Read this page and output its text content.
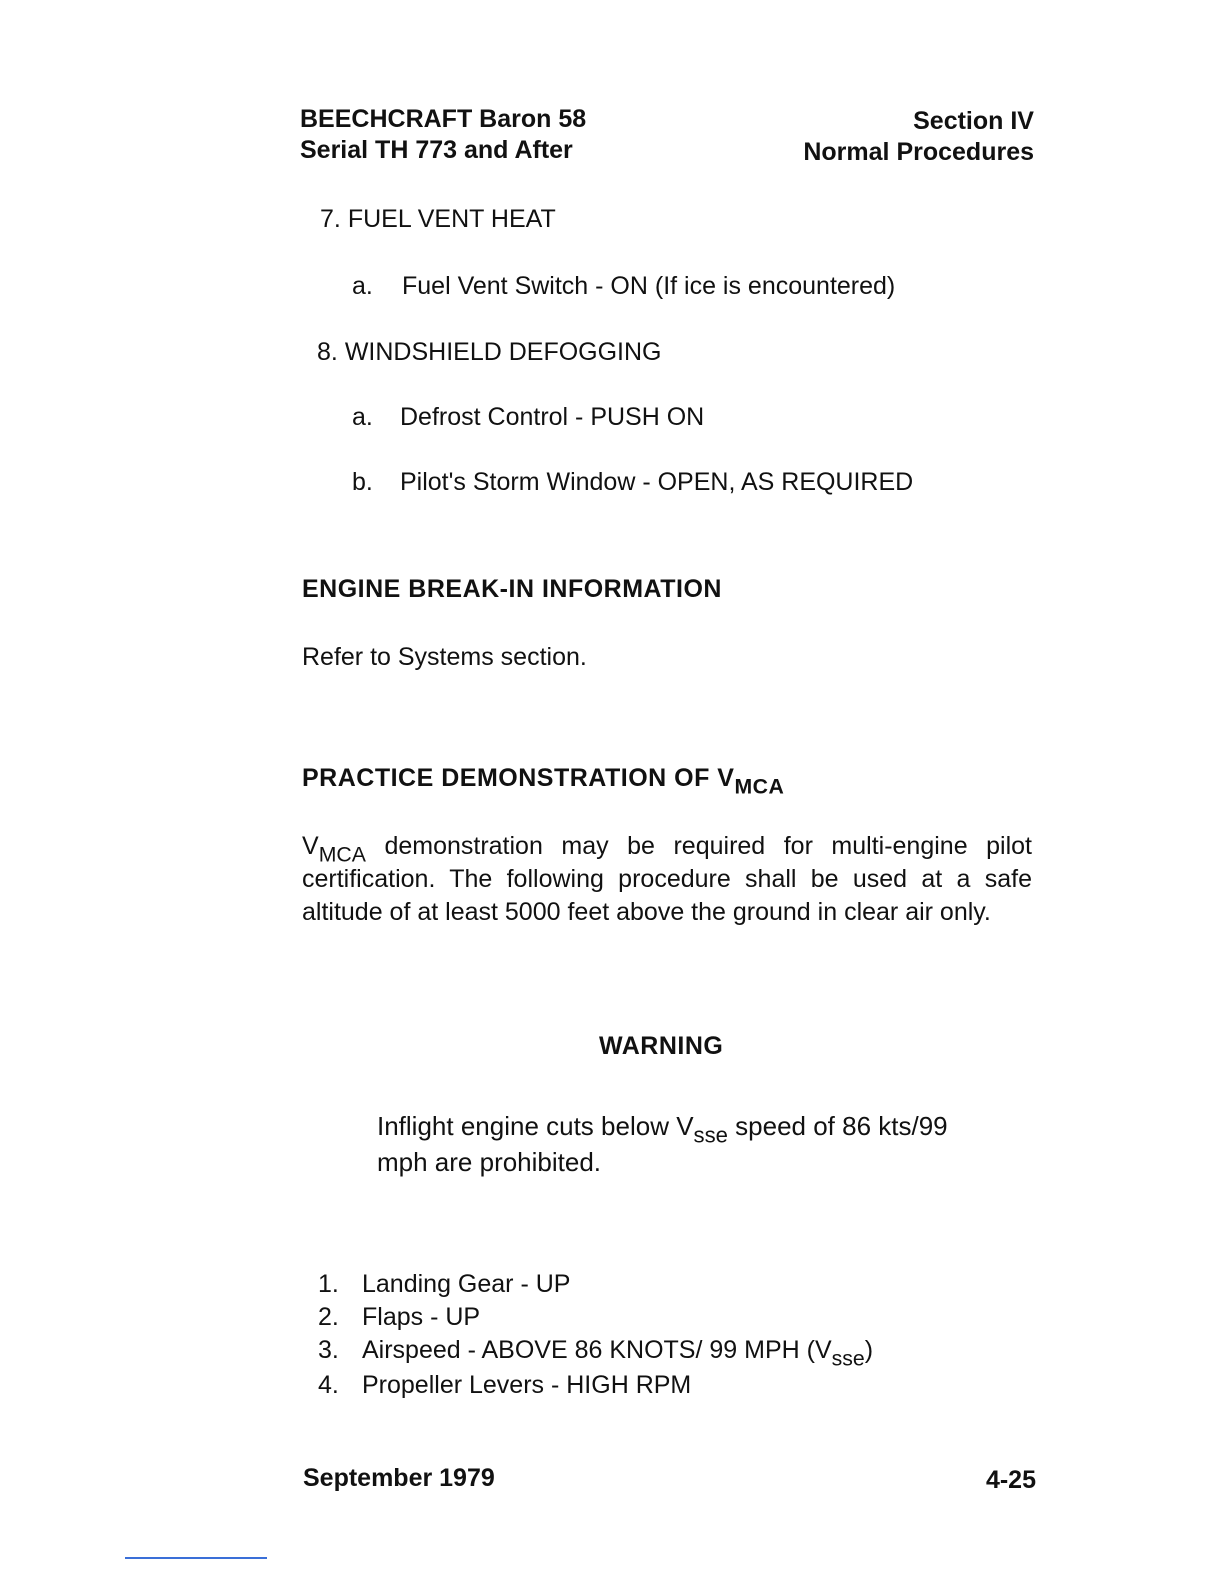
BEECHCRAFT Baron 58
Serial TH 773 and After
Section IV
Normal Procedures
7. FUEL VENT HEAT
a. Fuel Vent Switch - ON (If ice is encountered)
8. WINDSHIELD DEFOGGING
a. Defrost Control - PUSH ON
b. Pilot's Storm Window - OPEN, AS REQUIRED
ENGINE BREAK-IN INFORMATION
Refer to Systems section.
PRACTICE DEMONSTRATION OF $V_{MCA}$
$V_{MCA}$ demonstration may be required for multi-engine pilot certification. The following procedure shall be used at a safe altitude of at least 5000 feet above the ground in clear air only.
WARNING
Inflight engine cuts below $V_{sse}$ speed of 86 kts/99 mph are prohibited.
1. Landing Gear - UP
2. Flaps - UP
3. Airspeed - ABOVE 86 KNOTS/ 99 MPH $(V_{sse})$
4. Propeller Levers - HIGH RPM
September 1979	4-25
